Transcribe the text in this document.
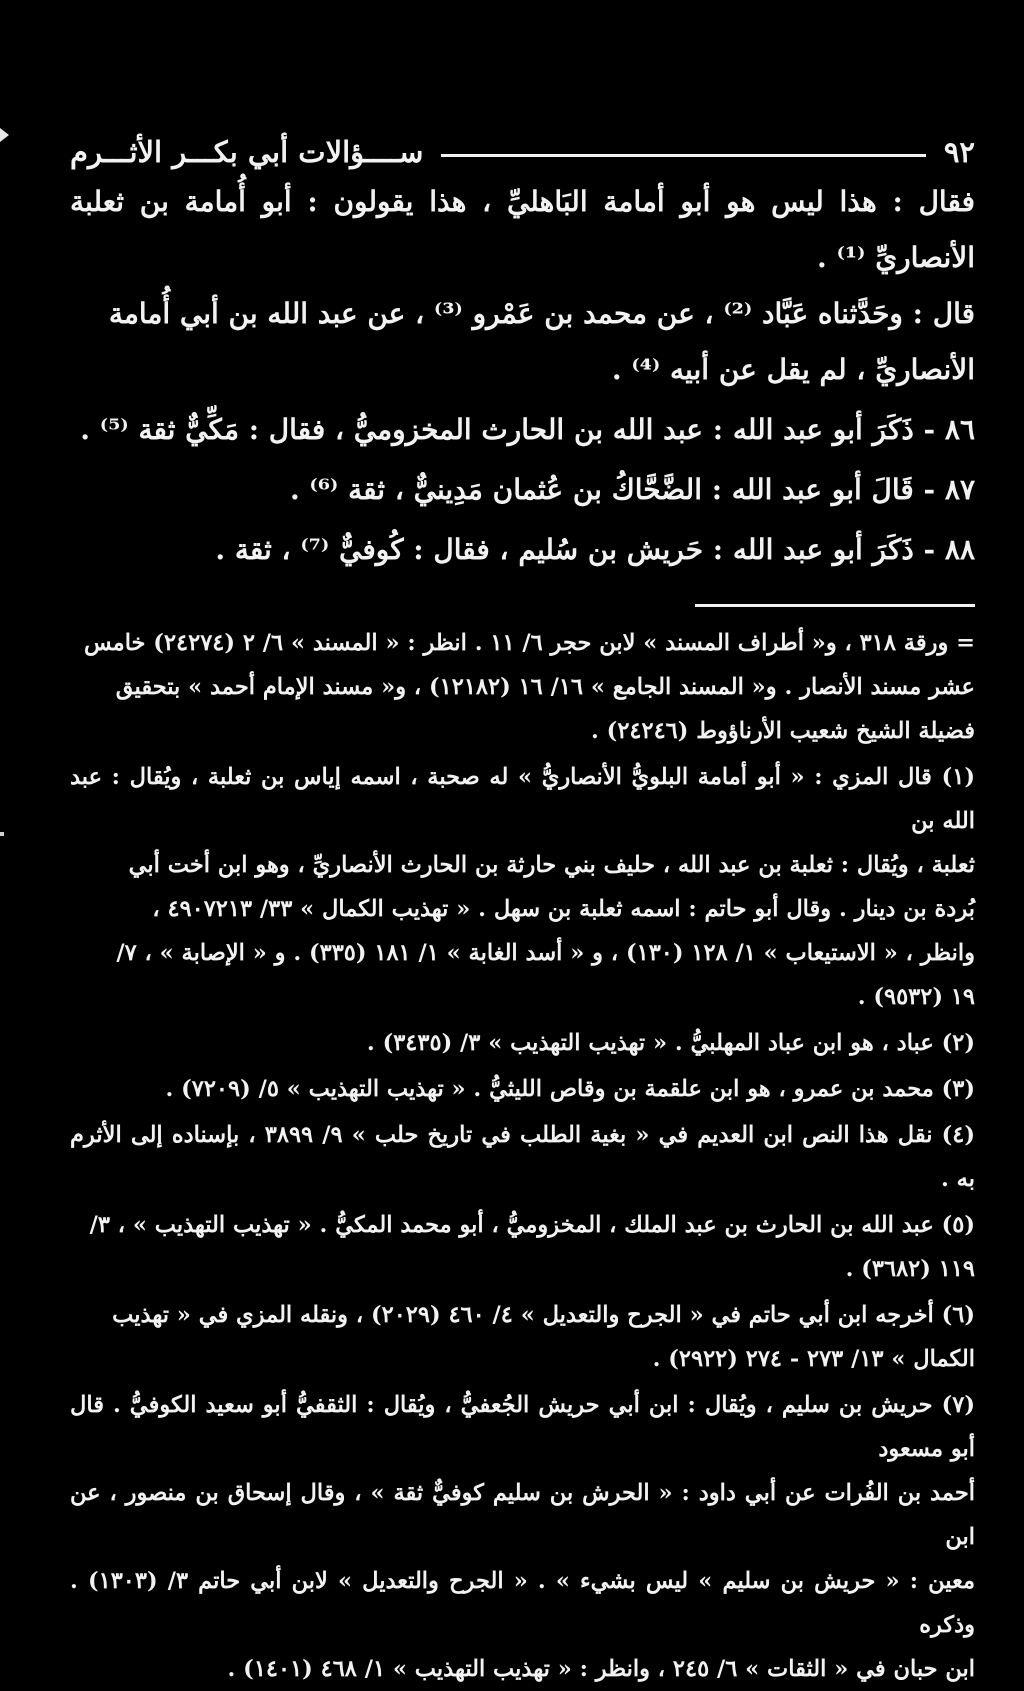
٩٢
ســــؤالات أبي بكـــر الأثـــرم

فقال : هذا ليس هو أبو أمامة البَاهليِّ ، هذا يقولون : أبو أُمامة بن ثعلبة الأنصاريِّ ⁽¹⁾ .

قال : وحَدَّثناه عَبَّاد ⁽²⁾ ، عن محمد بن عَمْرو ⁽³⁾ ، عن عبد الله بن أبي أُمامة

الأنصاريِّ ، لم يقل عن أبيه ⁽⁴⁾ .

٨٦ - ذَكَرَ أبو عبد الله : عبد الله بن الحارث المخزوميُّ ، فقال : مَكِّيٌّ ثقة ⁽⁵⁾ .

٨٧ - قَالَ أبو عبد الله : الضَّحَّاكُ بن عُثمان مَدِينيٌّ ، ثقة ⁽⁶⁾ .

٨٨ - ذَكَرَ أبو عبد الله : حَريش بن سُليم ، فقال : كُوفيٌّ ⁽⁷⁾ ، ثقة .

= ورقة ٣١٨ ، و« أطراف المسند » لابن حجر ٦/ ١١ . انظر : « المسند » ٦/ ٢ (٢٤٢٧٤) خامس

عشر مسند الأنصار . و« المسند الجامع » ١٦/ ١٦ (١٢١٨٢) ، و« مسند الإمام أحمد » بتحقيق

فضيلة الشيخ شعيب الأرناؤوط (٢٤٢٤٦) .

(١) قال المزي : « أبو أمامة البلويُّ الأنصاريُّ » له صحبة ، اسمه إياس بن ثعلبة ، ويُقال : عبد الله بن

ثعلبة ، ويُقال : ثعلبة بن عبد الله ، حليف بني حارثة بن الحارث الأنصاريِّ ، وهو ابن أخت أبي

بُردة بن دينار . وقال أبو حاتم : اسمه ثعلبة بن سهل . « تهذيب الكمال » ٣٣/ ٤٩٠٧٢١٣ ،

وانظر ، « الاستيعاب » ١/ ١٢٨ (١٣٠) ، و « أسد الغابة » ١/ ١٨١ (٣٣٥) . و « الإصابة » ، ٧/

١٩ (٩٥٣٢) .

(٢) عباد ، هو ابن عباد المهلبيُّ . « تهذيب التهذيب » ٣/ (٣٤٣٥) .

(٣) محمد بن عمرو ، هو ابن علقمة بن وقاص الليثيُّ . « تهذيب التهذيب » ٥/ (٧٢٠٩) .

(٤) نقل هذا النص ابن العديم في « بغية الطلب في تاريخ حلب » ٩/ ٣٨٩٩ ، بإسناده إلى الأثرم به .

(٥) عبد الله بن الحارث بن عبد الملك ، المخزوميُّ ، أبو محمد المكيُّ . « تهذيب التهذيب » ، ٣/

١١٩ (٣٦٨٢) .

(٦) أخرجه ابن أبي حاتم في « الجرح والتعديل » ٤/ ٤٦٠ (٢٠٢٩) ، ونقله المزي في « تهذيب

الكمال » ١٣/ ٢٧٣ - ٢٧٤ (٢٩٢٢) .

(٧) حريش بن سليم ، ويُقال : ابن أبي حريش الجُعفيُّ ، ويُقال : الثقفيُّ أبو سعيد الكوفيُّ . قال أبو مسعود

أحمد بن الفُرات عن أبي داود : « الحرش بن سليم كوفيٌّ ثقة » ، وقال إسحاق بن منصور ، عن ابن

معين : « حريش بن سليم » ليس بشيء » . « الجرح والتعديل » لابن أبي حاتم ٣/ (١٣٠٣) . وذكره

ابن حبان في « الثقات » ٦/ ٢٤٥ ، وانظر : « تهذيب التهذيب » ١/ ٤٦٨ (١٤٠١) .
